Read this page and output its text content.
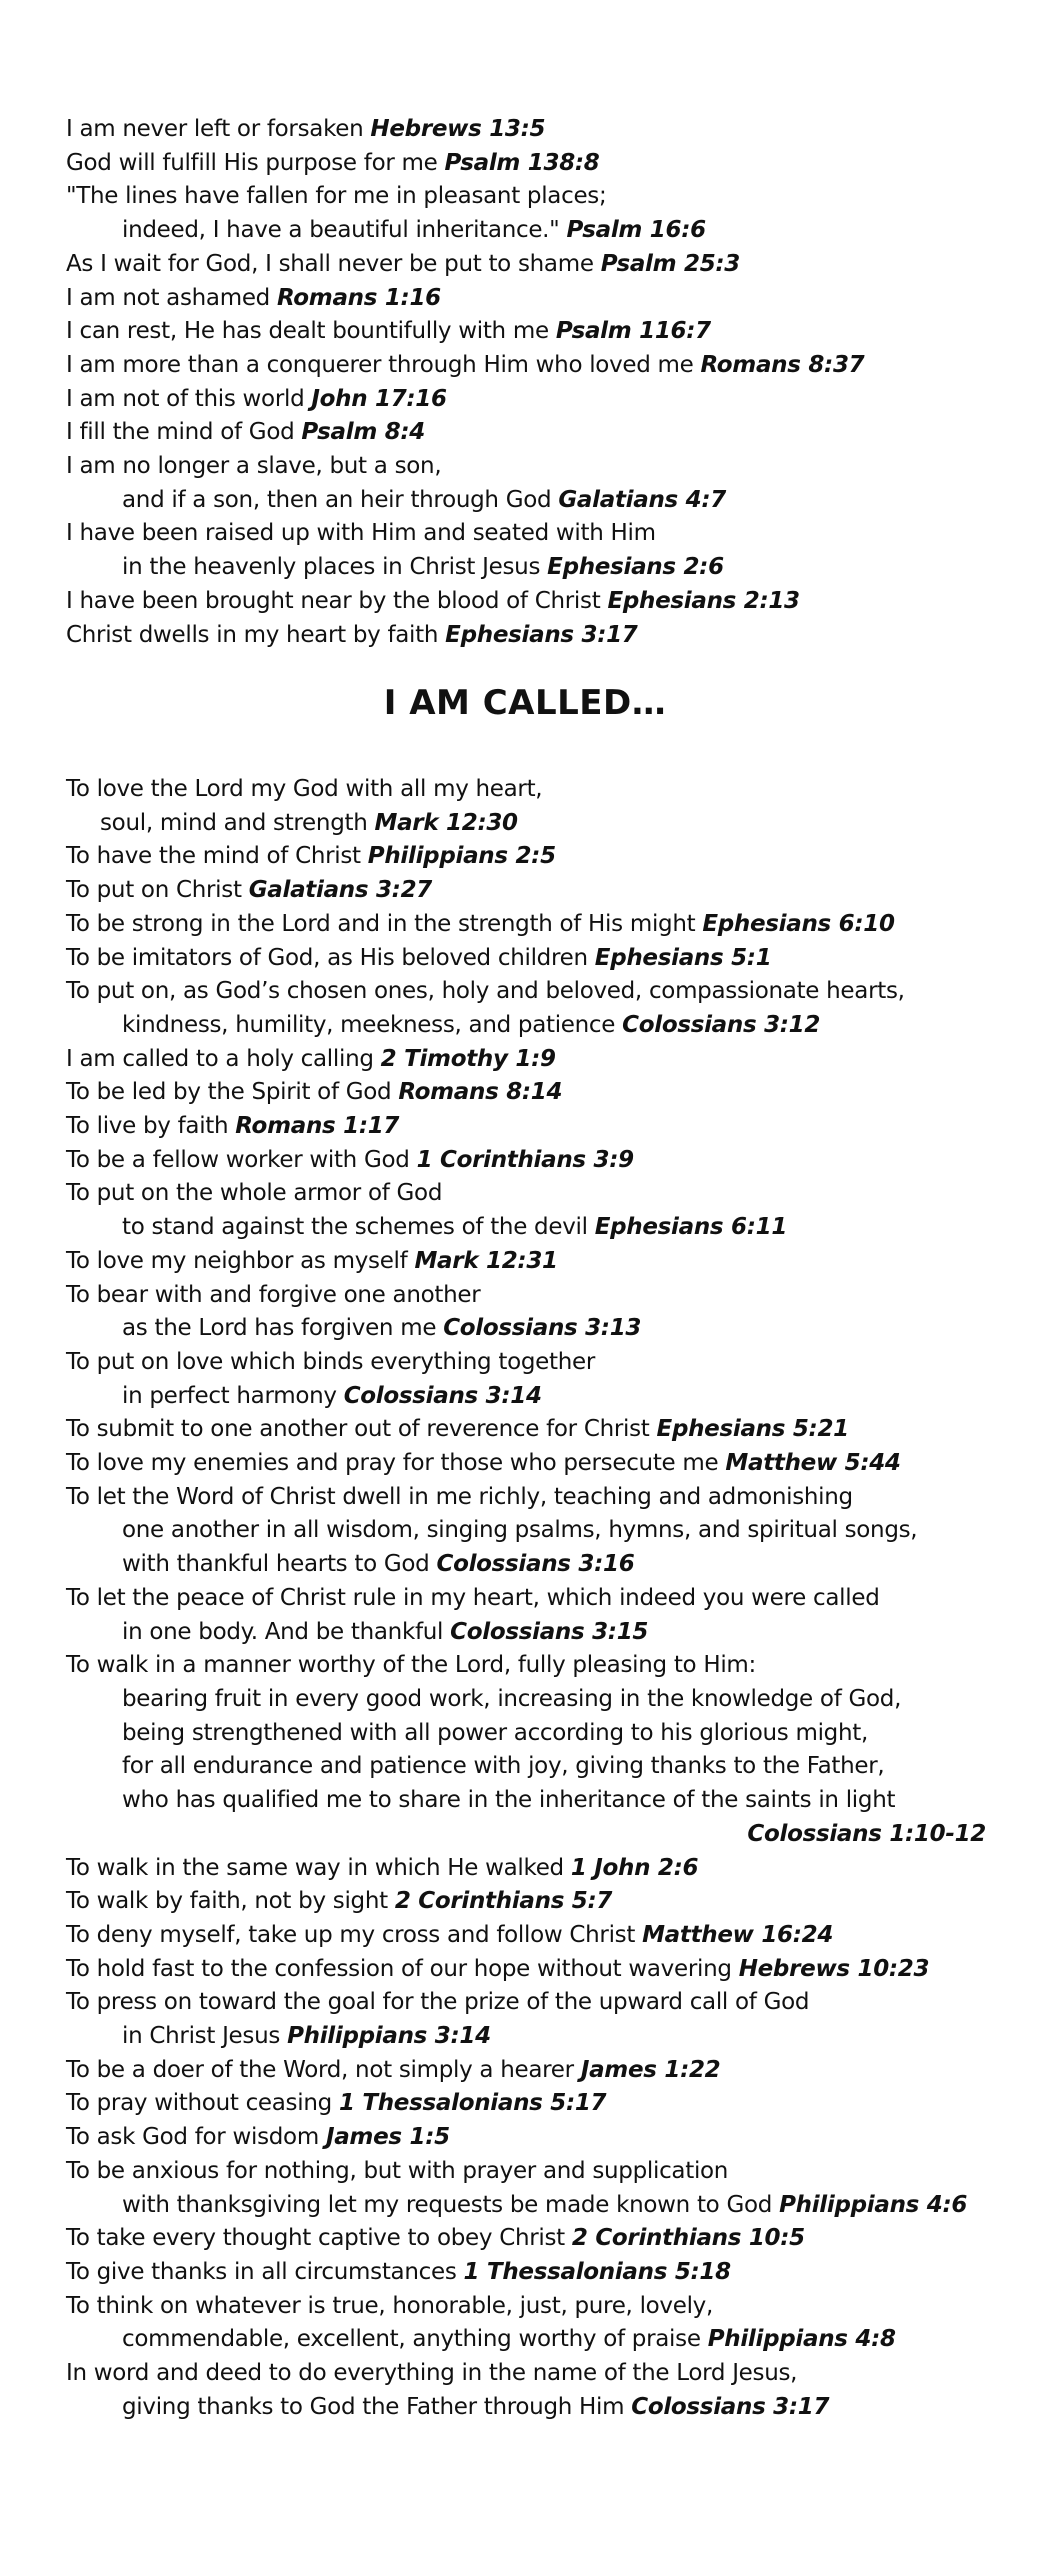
I am never left or forsaken Hebrews 13:5
God will fulfill His purpose for me Psalm 138:8
"The lines have fallen for me in pleasant places;
indeed, I have a beautiful inheritance." Psalm 16:6
As I wait for God, I shall never be put to shame Psalm 25:3
I am not ashamed Romans 1:16
I can rest, He has dealt bountifully with me Psalm 116:7
I am more than a conquerer through Him who loved me Romans 8:37
I am not of this world John 17:16
I fill the mind of God Psalm 8:4
I am no longer a slave, but a son,
and if a son, then an heir through God Galatians 4:7
I have been raised up with Him and seated with Him
in the heavenly places in Christ Jesus Ephesians 2:6
I have been brought near by the blood of Christ Ephesians 2:13
Christ dwells in my heart by faith Ephesians 3:17
I AM CALLED…
To love the Lord my God with all my heart,
soul, mind and strength Mark 12:30
To have the mind of Christ Philippians 2:5
To put on Christ Galatians 3:27
To be strong in the Lord and in the strength of His might Ephesians 6:10
To be imitators of God, as His beloved children Ephesians 5:1
To put on, as God’s chosen ones, holy and beloved, compassionate hearts,
kindness, humility, meekness, and patience Colossians 3:12
I am called to a holy calling 2 Timothy 1:9
To be led by the Spirit of God Romans 8:14
To live by faith Romans 1:17
To be a fellow worker with God 1 Corinthians 3:9
To put on the whole armor of God
to stand against the schemes of the devil Ephesians 6:11
To love my neighbor as myself Mark 12:31
To bear with and forgive one another
as the Lord has forgiven me Colossians 3:13
To put on love which binds everything together
in perfect harmony Colossians 3:14
To submit to one another out of reverence for Christ Ephesians 5:21
To love my enemies and pray for those who persecute me Matthew 5:44
To let the Word of Christ dwell in me richly, teaching and admonishing
one another in all wisdom, singing psalms, hymns, and spiritual songs,
with thankful hearts to God Colossians 3:16
To let the peace of Christ rule in my heart, which indeed you were called
in one body. And be thankful Colossians 3:15
To walk in a manner worthy of the Lord, fully pleasing to Him:
bearing fruit in every good work, increasing in the knowledge of God,
being strengthened with all power according to his glorious might,
for all endurance and patience with joy, giving thanks to the Father,
who has qualified me to share in the inheritance of the saints in light
Colossians 1:10-12
To walk in the same way in which He walked 1 John 2:6
To walk by faith, not by sight 2 Corinthians 5:7
To deny myself, take up my cross and follow Christ Matthew 16:24
To hold fast to the confession of our hope without wavering Hebrews 10:23
To press on toward the goal for the prize of the upward call of God
in Christ Jesus Philippians 3:14
To be a doer of the Word, not simply a hearer James 1:22
To pray without ceasing 1 Thessalonians 5:17
To ask God for wisdom James 1:5
To be anxious for nothing, but with prayer and supplication
with thanksgiving let my requests be made known to God Philippians 4:6
To take every thought captive to obey Christ 2 Corinthians 10:5
To give thanks in all circumstances 1 Thessalonians 5:18
To think on whatever is true, honorable, just, pure, lovely,
commendable, excellent, anything worthy of praise Philippians 4:8
In word and deed to do everything in the name of the Lord Jesus,
giving thanks to God the Father through Him Colossians 3:17
